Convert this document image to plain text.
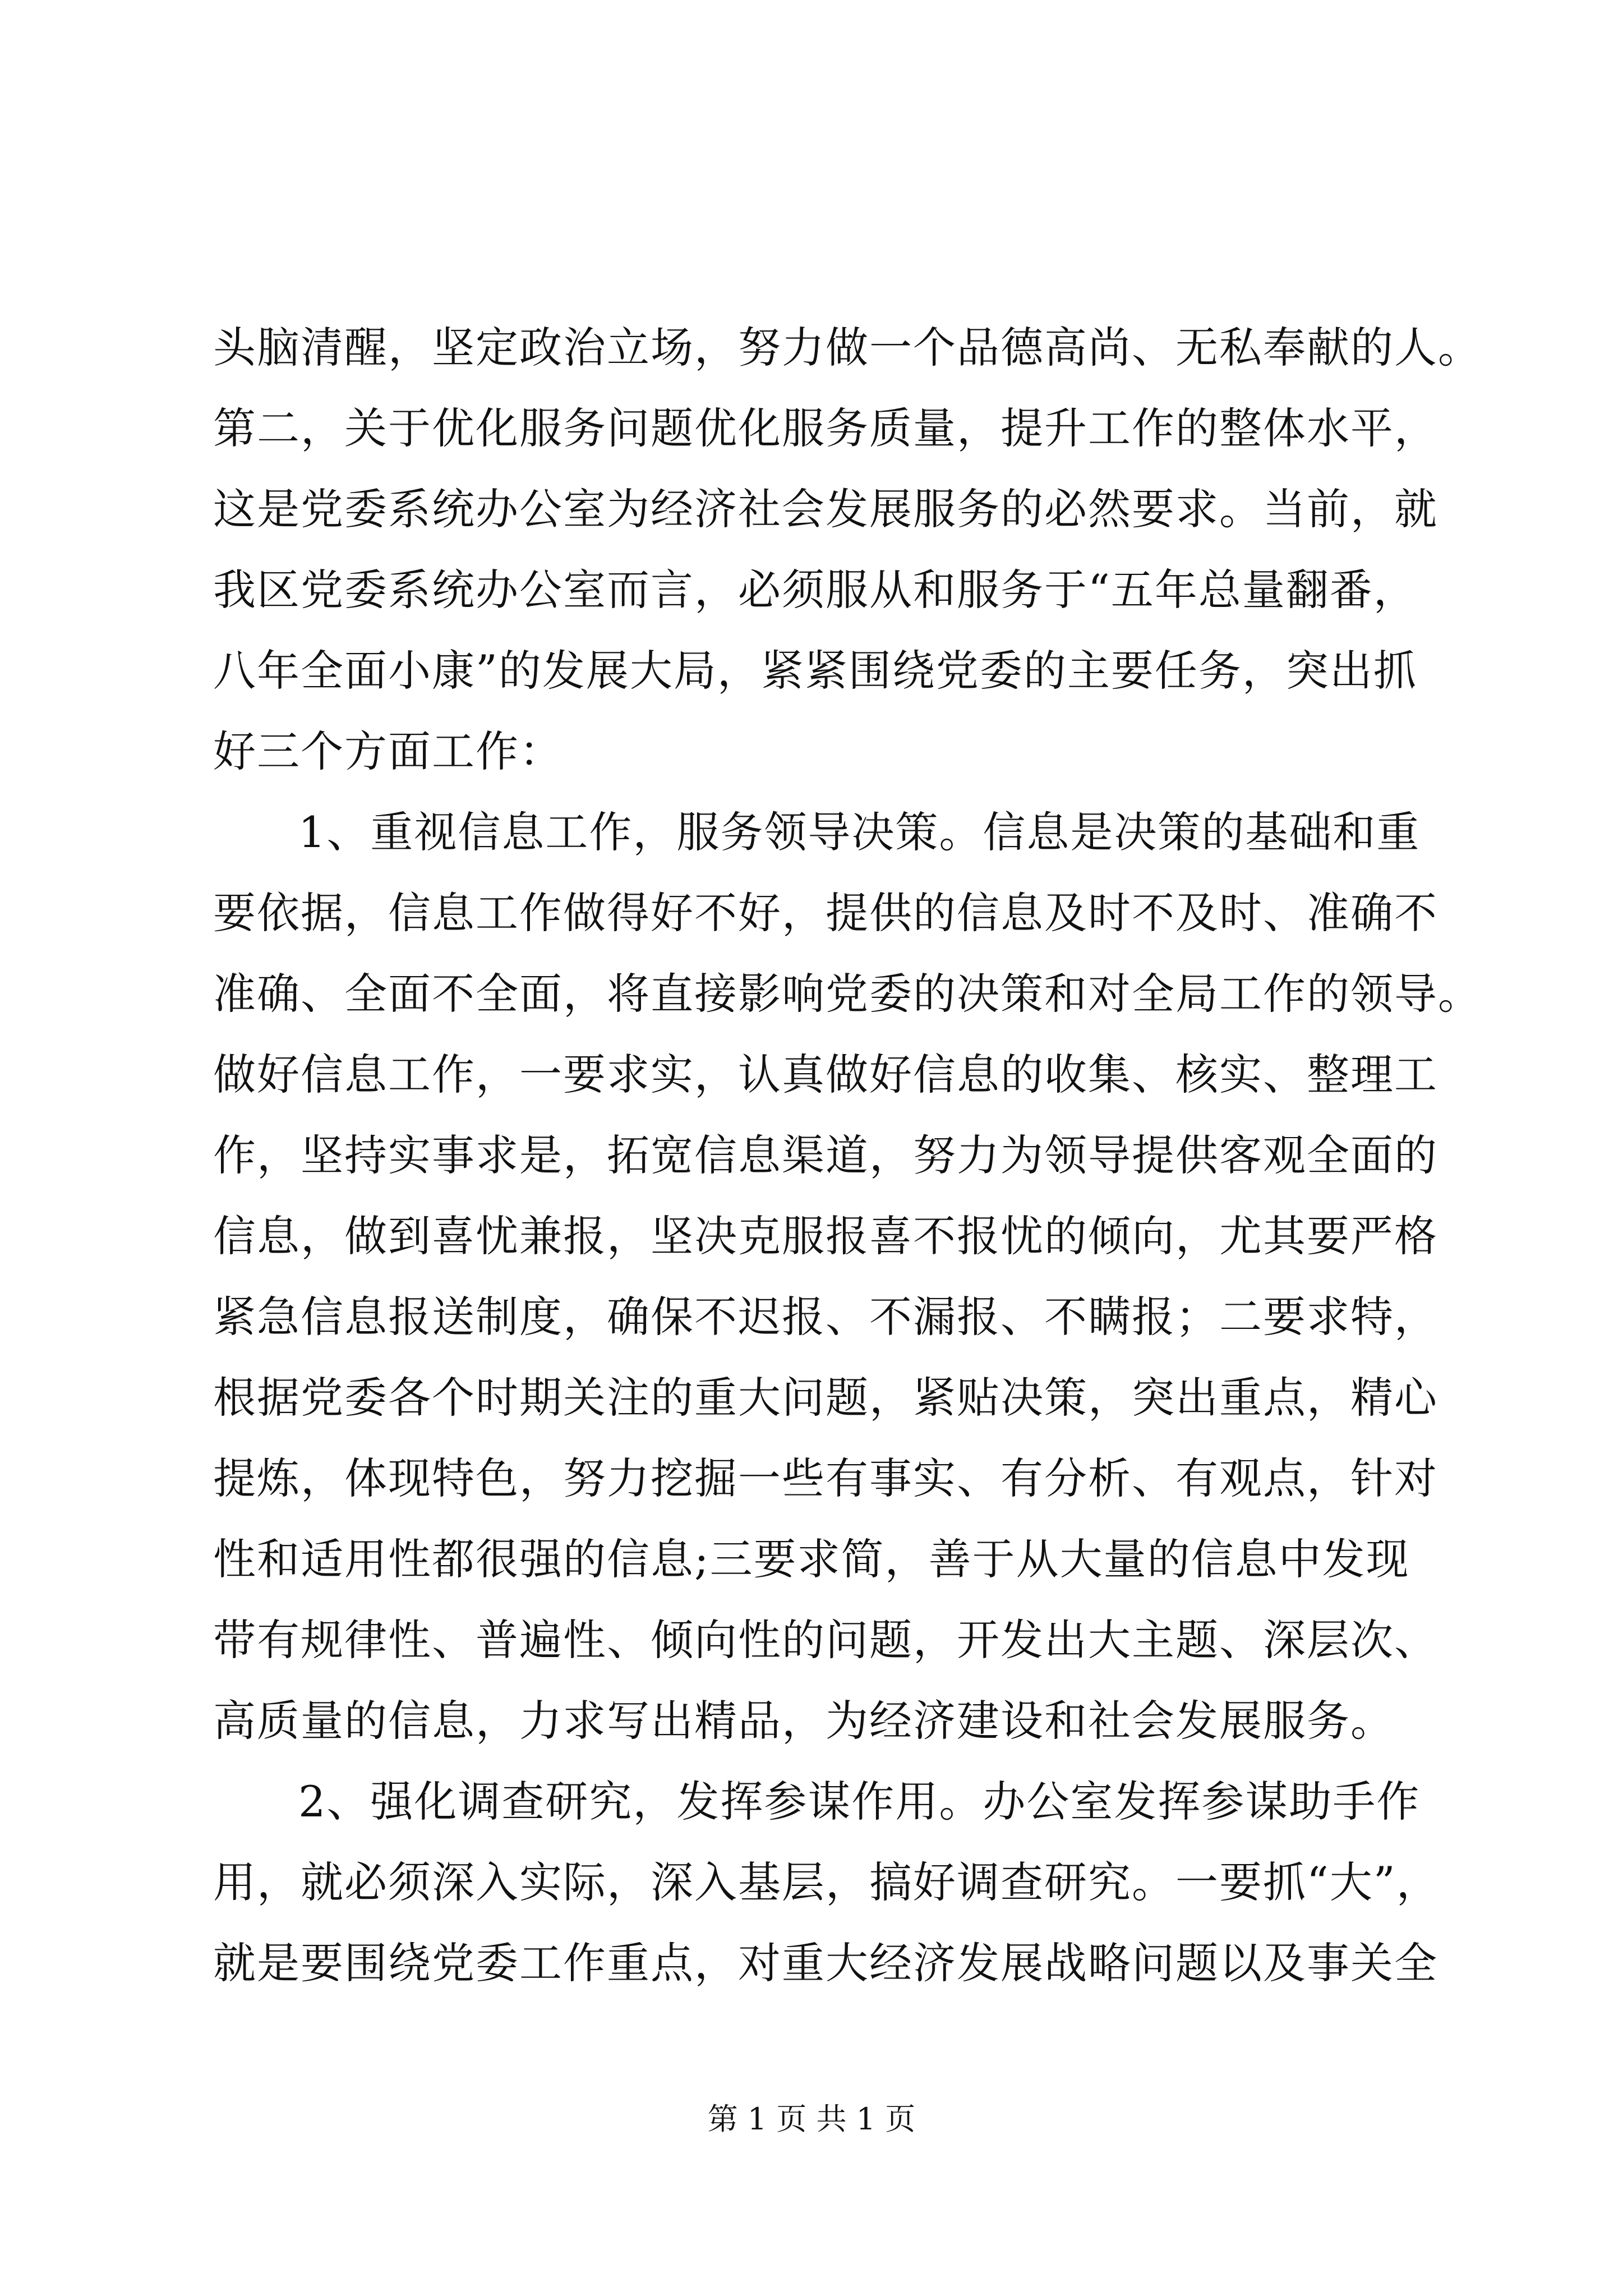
头脑清醒，坚定政治立场，努力做一个品德高尚、无私奉献的人。
第二，关于优化服务问题优化服务质量，提升工作的整体水平，
这是党委系统办公室为经济社会发展服务的必然要求。当前，就
我区党委系统办公室而言，必须服从和服务于“五年总量翻番，
八年全面小康”的发展大局，紧紧围绕党委的主要任务，突出抓
好三个方面工作：
1、重视信息工作，服务领导决策。信息是决策的基础和重
要依据，信息工作做得好不好，提供的信息及时不及时、准确不
准确、全面不全面，将直接影响党委的决策和对全局工作的领导。
做好信息工作，一要求实，认真做好信息的收集、核实、整理工
作，坚持实事求是，拓宽信息渠道，努力为领导提供客观全面的
信息，做到喜忧兼报，坚决克服报喜不报忧的倾向，尤其要严格
紧急信息报送制度，确保不迟报、不漏报、不瞒报；二要求特，
根据党委各个时期关注的重大问题，紧贴决策，突出重点，精心
提炼，体现特色，努力挖掘一些有事实、有分析、有观点，针对
性和适用性都很强的信息;三要求简，善于从大量的信息中发现
带有规律性、普遍性、倾向性的问题，开发出大主题、深层次、
高质量的信息，力求写出精品，为经济建设和社会发展服务。
2、强化调查研究，发挥参谋作用。办公室发挥参谋助手作
用，就必须深入实际，深入基层，搞好调查研究。一要抓“大”，
就是要围绕党委工作重点，对重大经济发展战略问题以及事关全
第 1 页 共 1 页
